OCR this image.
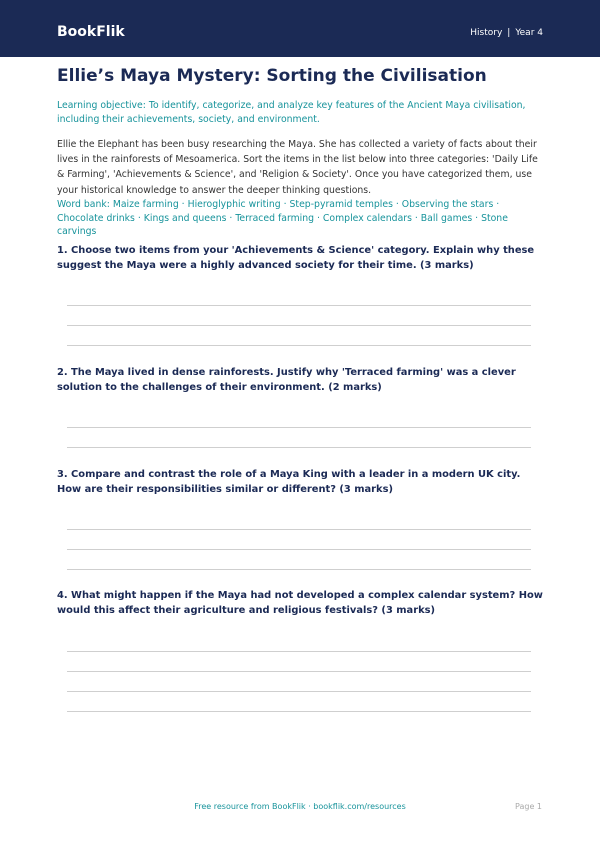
BookFlik	History | Year 4
Ellie’s Maya Mystery: Sorting the Civilisation

Learning objective: To identify, categorize, and analyze key features of the Ancient Maya civilisation, including their achievements, society, and environment.

Ellie the Elephant has been busy researching the Maya. She has collected a variety of facts about their lives in the rainforests of Mesoamerica. Sort the items in the list below into three categories: 'Daily Life & Farming', 'Achievements & Science', and 'Religion & Society'. Once you have categorized them, use your historical knowledge to answer the deeper thinking questions.

Word bank: Maize farming · Hieroglyphic writing · Step-pyramid temples · Observing the stars · Chocolate drinks · Kings and queens · Terraced farming · Complex calendars · Ball games · Stone carvings

1. Choose two items from your 'Achievements & Science' category. Explain why these suggest the Maya were a highly advanced society for their time. (3 marks)

2. The Maya lived in dense rainforests. Justify why 'Terraced farming' was a clever solution to the challenges of their environment. (2 marks)

3. Compare and contrast the role of a Maya King with a leader in a modern UK city. How are their responsibilities similar or different? (3 marks)

4. What might happen if the Maya had not developed a complex calendar system? How would this affect their agriculture and religious festivals? (3 marks)

Free resource from BookFlik · bookflik.com/resources	Page 1
